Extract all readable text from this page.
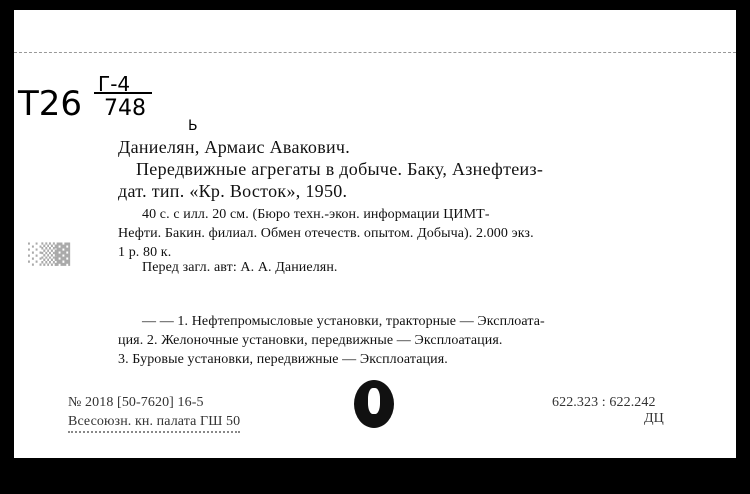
T26 Г-4
748
Ь
Даниелян, Армаис Авакович.
Передвижные агрегаты в добыче. Баку, Азнефтеиз-
дат. тип. «Кр. Восток», 1950.
40 с. с илл. 20 см. (Бюро техн.-экон. информации ЦИМТ-
Нефти. Бакин. филиал. Обмен отечеств. опытом. Добыча). 2.000 экз.
1 р. 80 к.
Перед загл. авт: А. А. Даниелян.
░▒▓
— — 1. Нефтепромысловые установки, тракторные — Эксплоата-
ция. 2. Желоночные установки, передвижные — Эксплоатация.
3. Буровые установки, передвижные — Эксплоатация.
№ 2018 [50-7620] 16-5
Всесоюзн. кн. палата ГШ 50
622.323 : 622.242
ДЦ
